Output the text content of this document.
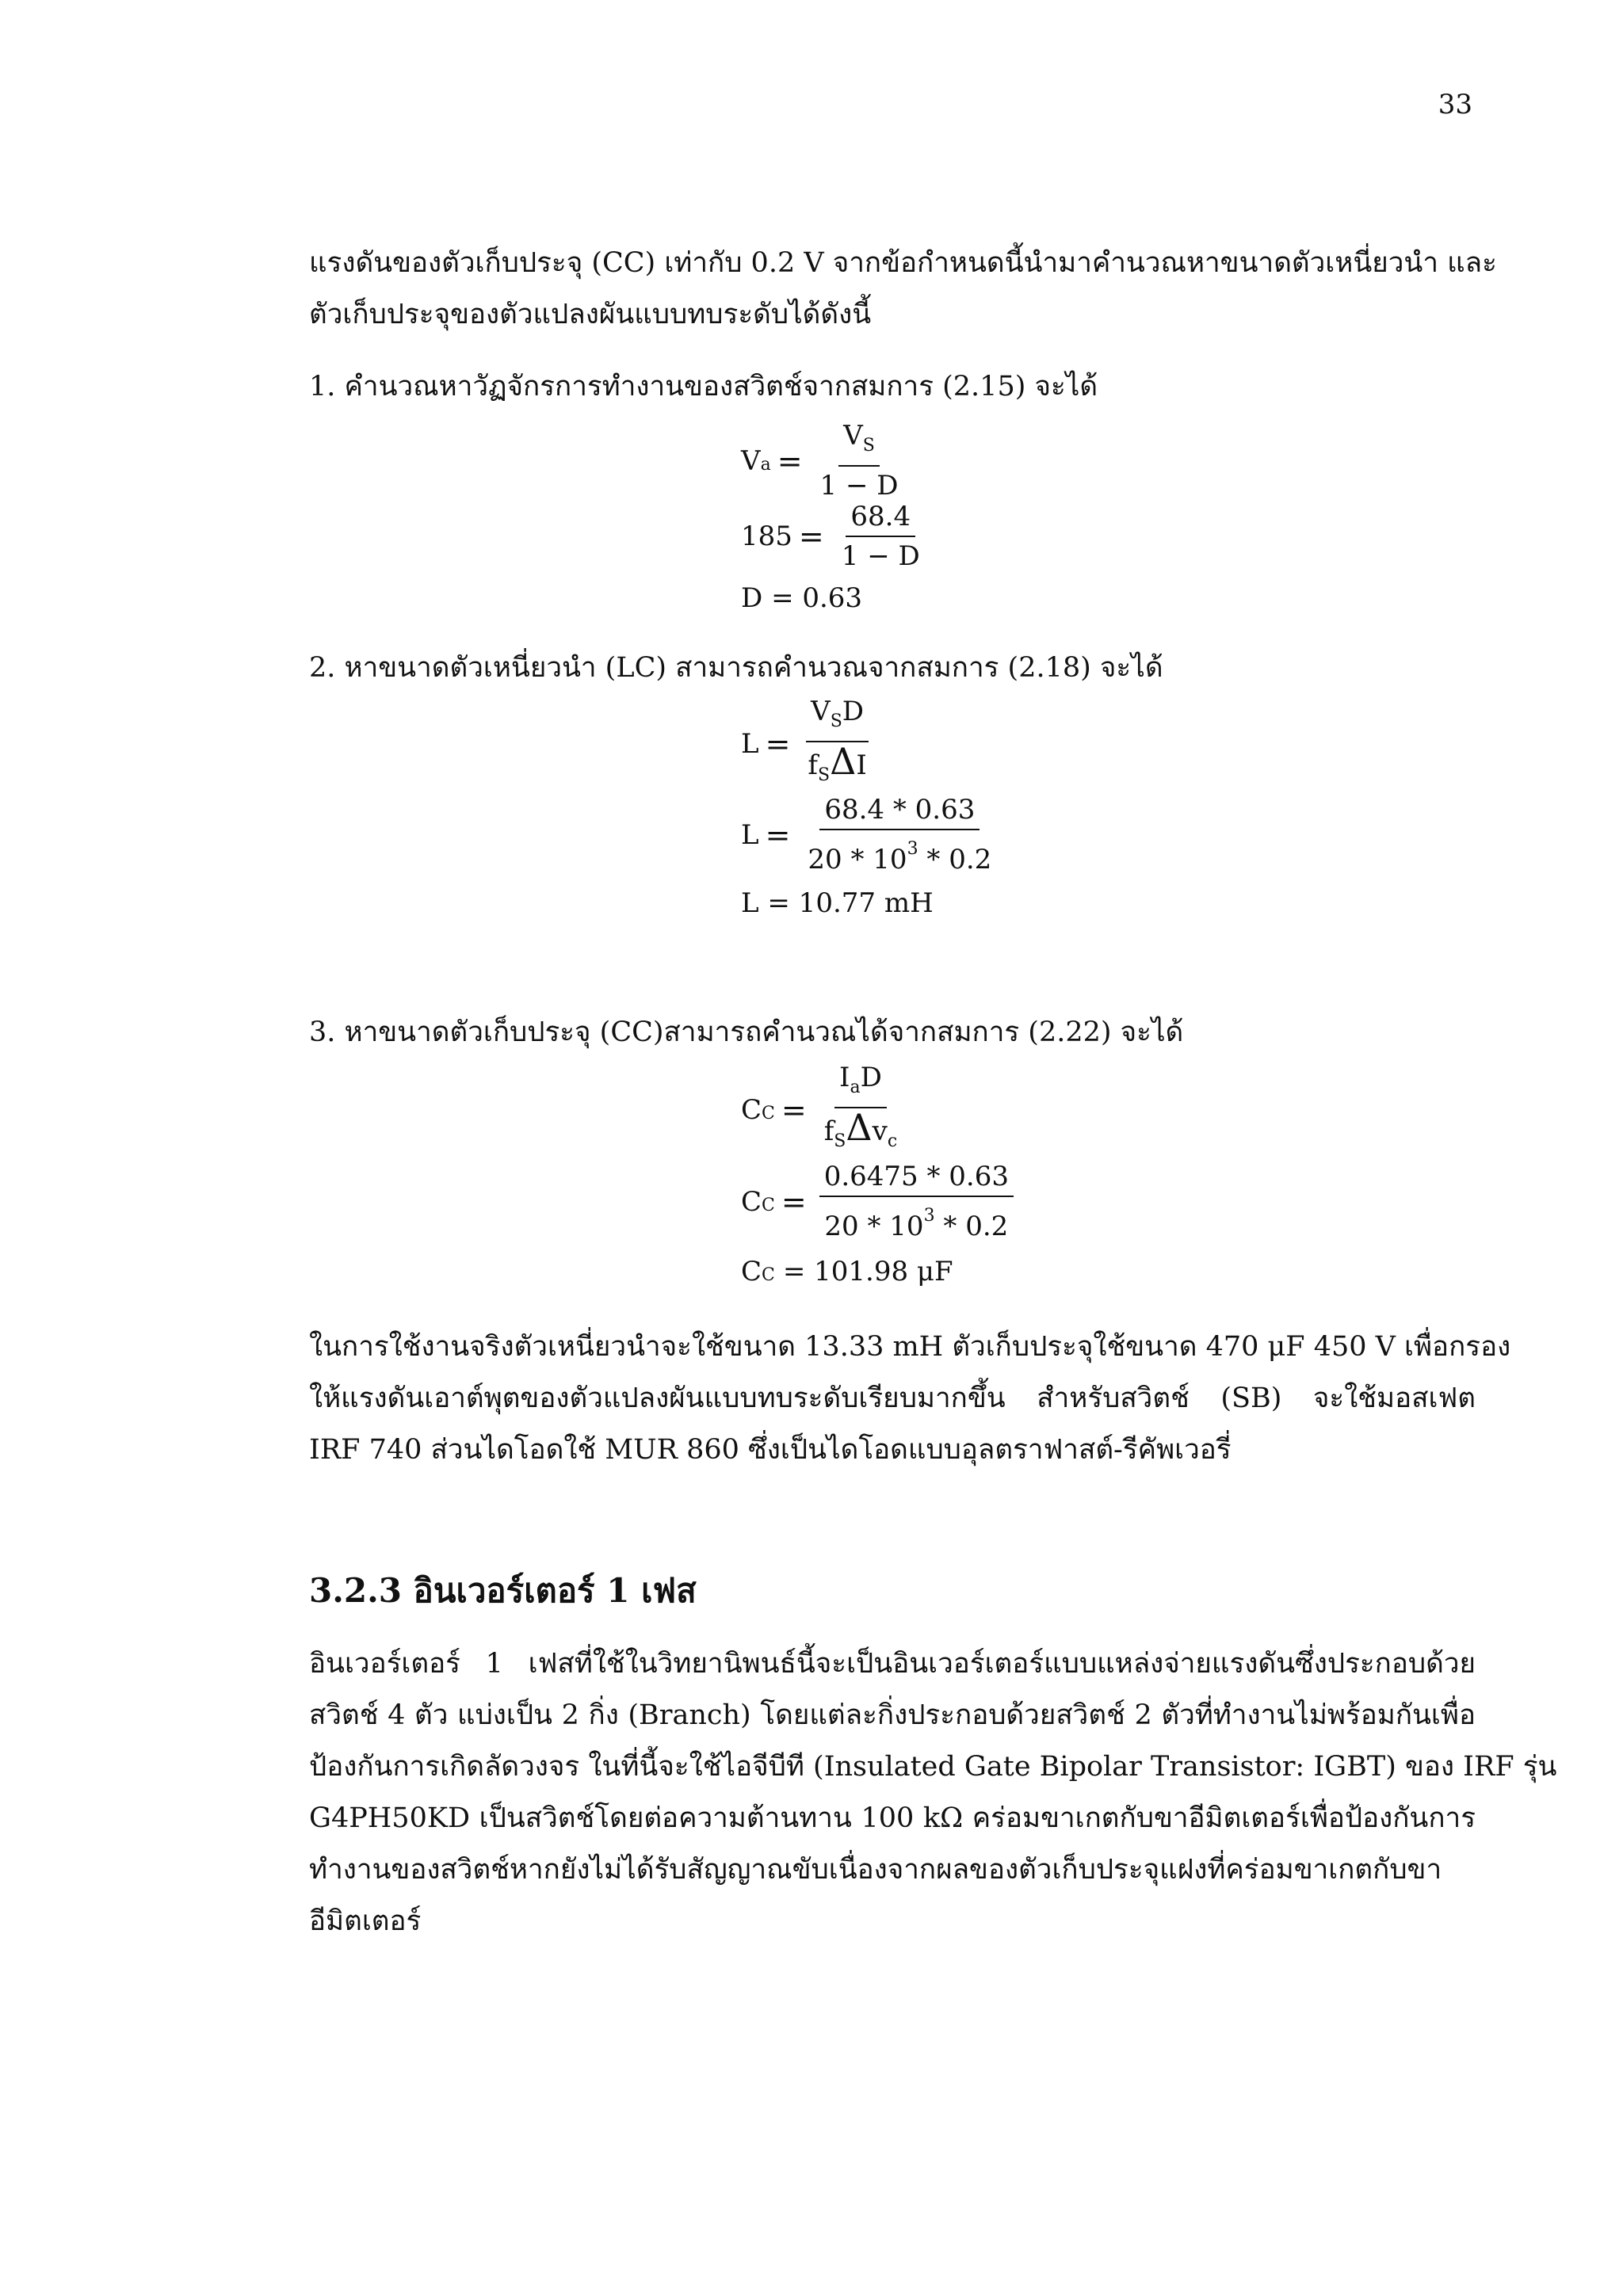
33

แรงดันของตัวเก็บประจุ (CC) เท่ากับ 0.2 V จากข้อกำหนดนี้นำมาคำนวณหาขนาดตัวเหนี่ยวนำ และ
ตัวเก็บประจุของตัวแปลงผันแบบทบระดับได้ดังนี้

1. คำนวณหาวัฏจักรการทำงานของสวิตช์จากสมการ (2.15) จะได้
V $a = \frac{V_S}{1 - D}$
$185 = \frac{68.4}{1 - D}$
D = 0.63
2. หาขนาดตัวเหนี่ยวนำ (LC) สามารถคำนวณจากสมการ (2.18) จะได้
$L = \frac{V_SD}{f_S\Delta I}$
$L = \frac{68.4 * 0.63}{20 * 10^3 * 0.2}$
L = 10.77 mH
3. หาขนาดตัวเก็บประจุ (CC)สามารถคำนวณได้จากสมการ (2.22) จะได้
C $C = \frac{I_aD}{f_S\Delta v_c}$
C $C = \frac{0.6475 * 0.63}{20 * 10^3 * 0.2}$
C C = 101.98 μF

ในการใช้งานจริงตัวเหนี่ยวนำจะใช้ขนาด 13.33 mH ตัวเก็บประจุใช้ขนาด 470 μF 450 V เพื่อกรอง
ให้แรงดันเอาต์พุตของตัวแปลงผันแบบทบระดับเรียบมากขึ้น สำหรับสวิตช์ (SB) จะใช้มอสเฟต
IRF 740 ส่วนไดโอดใช้ MUR 860 ซึ่งเป็นไดโอดแบบอุลตราฟาสต์-รีคัพเวอรี่

3.2.3 อินเวอร์เตอร์ 1 เฟส

อินเวอร์เตอร์ 1 เฟสที่ใช้ในวิทยานิพนธ์นี้จะเป็นอินเวอร์เตอร์แบบแหล่งจ่ายแรงดันซึ่งประกอบด้วย
สวิตช์ 4 ตัว แบ่งเป็น 2 กิ่ง (Branch) โดยแต่ละกิ่งประกอบด้วยสวิตช์ 2 ตัวที่ทำงานไม่พร้อมกันเพื่อ
ป้องกันการเกิดลัดวงจร ในที่นี้จะใช้ไอจีบีที (Insulated Gate Bipolar Transistor: IGBT) ของ IRF รุ่น
G4PH50KD เป็นสวิตช์โดยต่อความต้านทาน 100 kΩ คร่อมขาเกตกับขาอีมิตเตอร์เพื่อป้องกันการ
ทำงานของสวิตช์หากยังไม่ได้รับสัญญาณขับเนื่องจากผลของตัวเก็บประจุแฝงที่คร่อมขาเกตกับขา
อีมิตเตอร์
